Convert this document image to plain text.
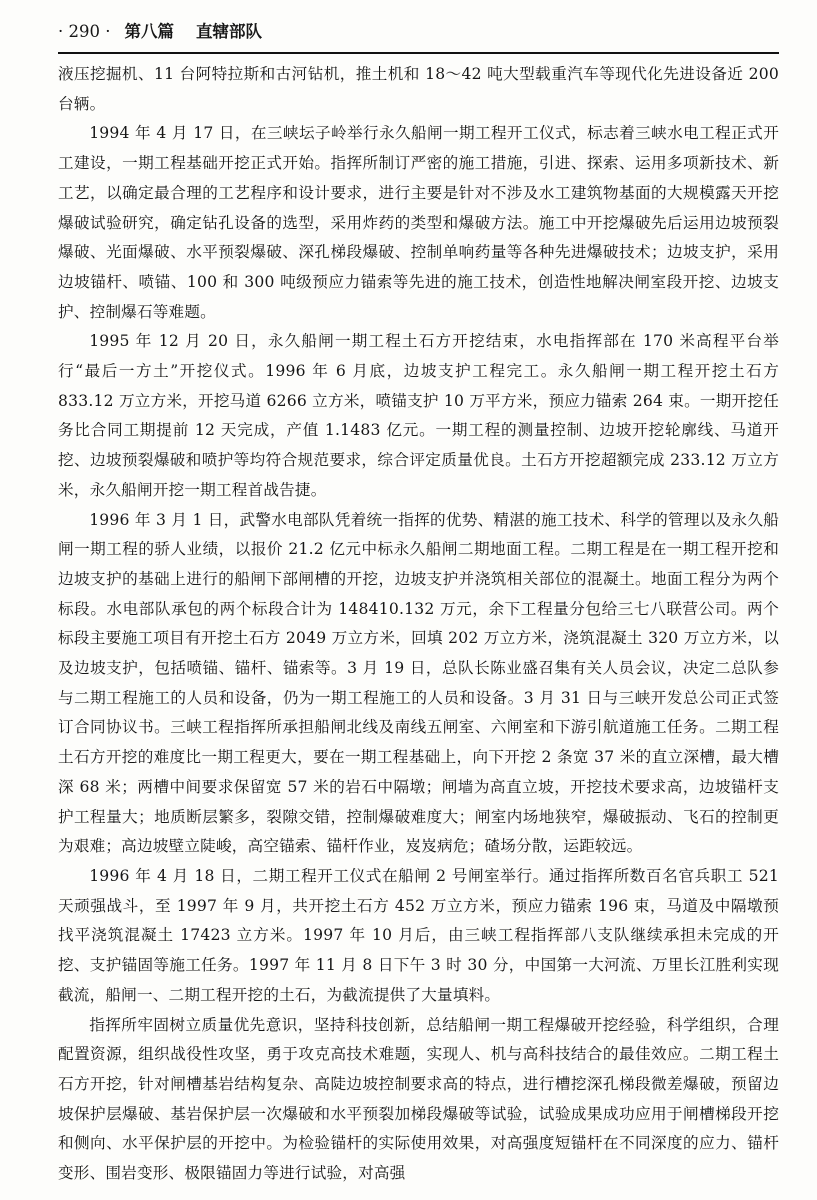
· 290 · 第八篇 直辖部队

液压挖掘机、11 台阿特拉斯和古河钻机，推土机和 18～42 吨大型载重汽车等现代化先进设备近 200 台辆。

1994 年 4 月 17 日，在三峡坛子岭举行永久船闸一期工程开工仪式，标志着三峡水电工程正式开工建设，一期工程基础开挖正式开始。指挥所制订严密的施工措施，引进、探索、运用多项新技术、新工艺，以确定最合理的工艺程序和设计要求，进行主要是针对不涉及水工建筑物基面的大规模露天开挖爆破试验研究，确定钻孔设备的选型，采用炸药的类型和爆破方法。施工中开挖爆破先后运用边坡预裂爆破、光面爆破、水平预裂爆破、深孔梯段爆破、控制单响药量等各种先进爆破技术；边坡支护，采用边坡锚杆、喷锚、100 和 300 吨级预应力锚索等先进的施工技术，创造性地解决闸室段开挖、边坡支护、控制爆石等难题。

1995 年 12 月 20 日，永久船闸一期工程土石方开挖结束，水电指挥部在 170 米高程平台举行“最后一方土”开挖仪式。1996 年 6 月底，边坡支护工程完工。永久船闸一期工程开挖土石方 833.12 万立方米，开挖马道 6266 立方米，喷锚支护 10 万平方米，预应力锚索 264 束。一期开挖任务比合同工期提前 12 天完成，产值 1.1483 亿元。一期工程的测量控制、边坡开挖轮廓线、马道开挖、边坡预裂爆破和喷护等均符合规范要求，综合评定质量优良。土石方开挖超额完成 233.12 万立方米，永久船闸开挖一期工程首战告捷。

1996 年 3 月 1 日，武警水电部队凭着统一指挥的优势、精湛的施工技术、科学的管理以及永久船闸一期工程的骄人业绩，以报价 21.2 亿元中标永久船闸二期地面工程。二期工程是在一期工程开挖和边坡支护的基础上进行的船闸下部闸槽的开挖，边坡支护并浇筑相关部位的混凝土。地面工程分为两个标段。水电部队承包的两个标段合计为 148410.132 万元，余下工程量分包给三七八联营公司。两个标段主要施工项目有开挖土石方 2049 万立方米，回填 202 万立方米，浇筑混凝土 320 万立方米，以及边坡支护，包括喷锚、锚杆、锚索等。3 月 19 日，总队长陈业盛召集有关人员会议，决定二总队参与二期工程施工的人员和设备，仍为一期工程施工的人员和设备。3 月 31 日与三峡开发总公司正式签订合同协议书。三峡工程指挥所承担船闸北线及南线五闸室、六闸室和下游引航道施工任务。二期工程土石方开挖的难度比一期工程更大，要在一期工程基础上，向下开挖 2 条宽 37 米的直立深槽，最大槽深 68 米；两槽中间要求保留宽 57 米的岩石中隔墩；闸墙为高直立坡，开挖技术要求高，边坡锚杆支护工程量大；地质断层繁多，裂隙交错，控制爆破难度大；闸室内场地狭窄，爆破振动、飞石的控制更为艰难；高边坡壁立陡峻，高空锚索、锚杆作业，岌岌病危；碴场分散，运距较远。

1996 年 4 月 18 日，二期工程开工仪式在船闸 2 号闸室举行。通过指挥所数百名官兵职工 521 天顽强战斗，至 1997 年 9 月，共开挖土石方 452 万立方米，预应力锚索 196 束，马道及中隔墩预找平浇筑混凝土 17423 立方米。1997 年 10 月后，由三峡工程指挥部八支队继续承担未完成的开挖、支护锚固等施工任务。1997 年 11 月 8 日下午 3 时 30 分，中国第一大河流、万里长江胜利实现截流，船闸一、二期工程开挖的土石，为截流提供了大量填料。

指挥所牢固树立质量优先意识，坚持科技创新，总结船闸一期工程爆破开挖经验，科学组织，合理配置资源，组织战役性攻坚，勇于攻克高技术难题，实现人、机与高科技结合的最佳效应。二期工程土石方开挖，针对闸槽基岩结构复杂、高陡边坡控制要求高的特点，进行槽挖深孔梯段微差爆破，预留边坡保护层爆破、基岩保护层一次爆破和水平预裂加梯段爆破等试验，试验成果成功应用于闸槽梯段开挖和侧向、水平保护层的开挖中。为检验锚杆的实际使用效果，对高强度短锚杆在不同深度的应力、锚杆变形、围岩变形、极限锚固力等进行试验，对高强
